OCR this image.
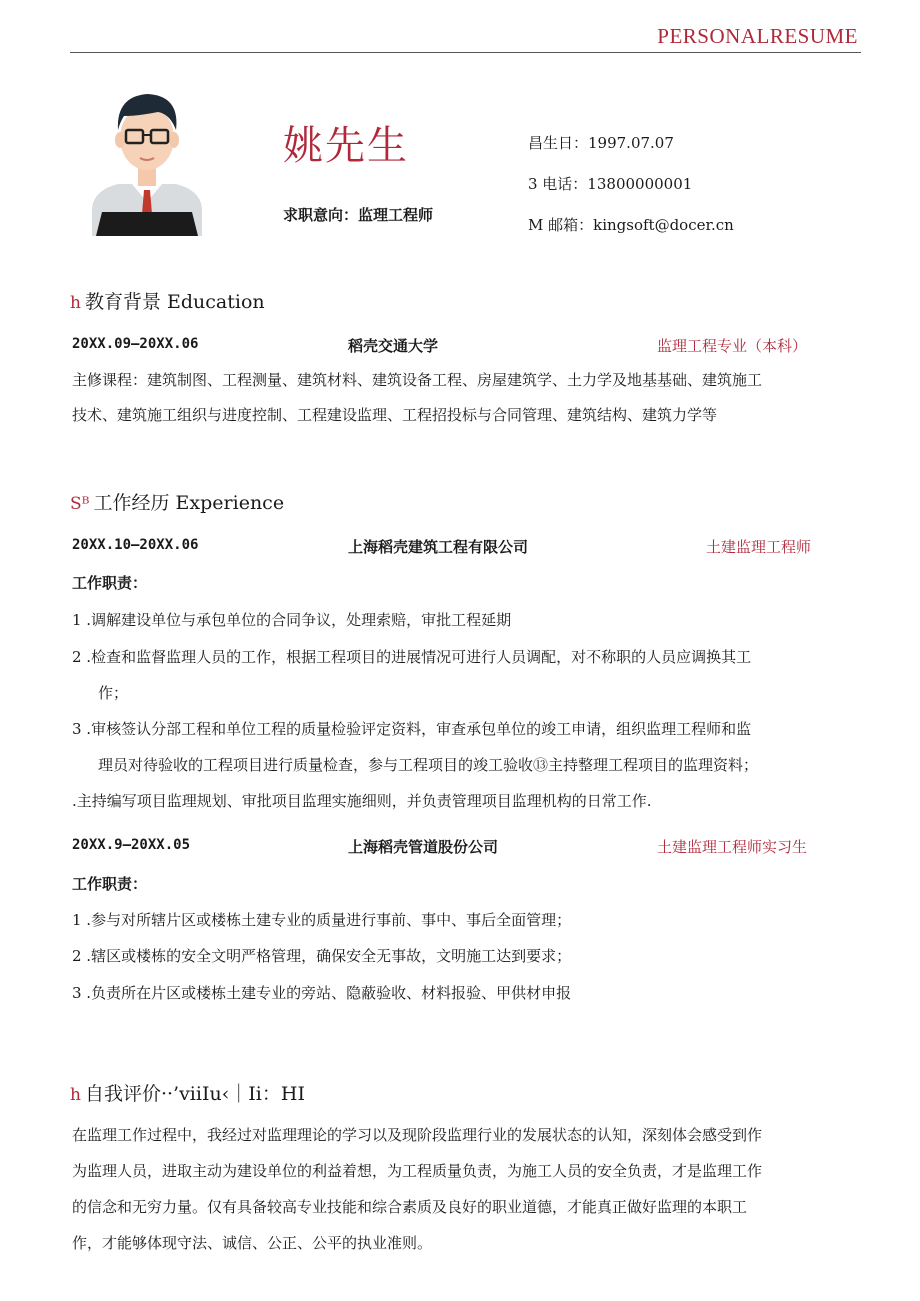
PERSONALRESUME
姚先生
求职意向：监理工程师
昌生日：1997.07.07
3 电话：13800000001
M 邮箱：kingsoft@docer.cn
h 教育背景 Education
20XX.09—20XX.06	稻壳交通大学	监理工程专业（本科）
主修课程：建筑制图、工程测量、建筑材料、建筑设备工程、房屋建筑学、土力学及地基基础、建筑施工
技术、建筑施工组织与进度控制、工程建设监理、工程招投标与合同管理、建筑结构、建筑力学等
Sᴮ 工作经历 Experience
20XX.10—20XX.06	上海稻壳建筑工程有限公司	土建监理工程师
工作职责：
1 .调解建设单位与承包单位的合同争议，处理索赔，审批工程延期
2 .检查和监督监理人员的工作，根据工程项目的进展情况可进行人员调配，对不称职的人员应调换其工
作；
3 .审核签认分部工程和单位工程的质量检验评定资料，审查承包单位的竣工申请，组织监理工程师和监
理员对待验收的工程项目进行质量检查，参与工程项目的竣工验收⑬主持整理工程项目的监理资料；
.主持编写项目监理规划、审批项目监理实施细则，并负责管理项目监理机构的日常工作.
20XX.9—20XX.05	上海稻壳管道股份公司	土建监理工程师实习生
工作职责：
1 .参与对所辖片区或楼栋土建专业的质量进行事前、事中、事后全面管理；
2 .辖区或楼栋的安全文明严格管理，确保安全无事故，文明施工达到要求；
3 .负责所在片区或楼栋土建专业的旁站、隐蔽验收、材料报验、甲供材申报
h 自我评价··’viiIu‹｜Ii：HI
在监理工作过程中，我经过对监理理论的学习以及现阶段监理行业的发展状态的认知，深刻体会感受到作
为监理人员，进取主动为建设单位的利益着想，为工程质量负责，为施工人员的安全负责，才是监理工作
的信念和无穷力量。仅有具备较高专业技能和综合素质及良好的职业道德，才能真正做好监理的本职工
作，才能够体现守法、诚信、公正、公平的执业准则。
